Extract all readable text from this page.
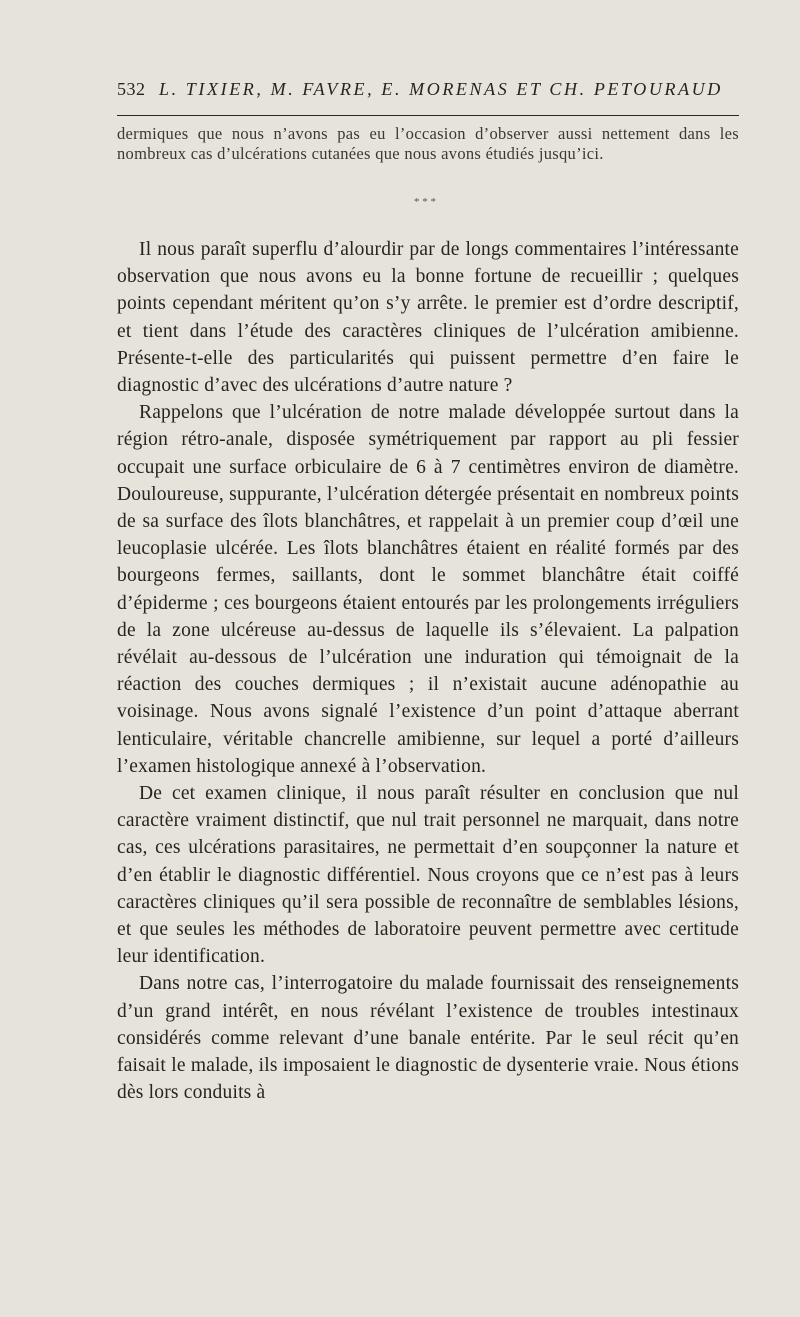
532 L. TIXIER, M. FAVRE, E. MORENAS ET CH. PETOURAUD

dermiques que nous n’avons pas eu l’occasion d’observer aussi nettement dans les nombreux cas d’ulcérations cutanées que nous avons étudiés jusqu’ici.

* * *

Il nous paraît superflu d’alourdir par de longs commentaires l’intéressante observation que nous avons eu la bonne fortune de recueillir ; quelques points cependant méritent qu’on s’y arrête. le premier est d’ordre descriptif, et tient dans l’étude des caractères cliniques de l’ulcération amibienne. Présente-t-elle des particularités qui puissent permettre d’en faire le diagnostic d’avec des ulcérations d’autre nature ?

Rappelons que l’ulcération de notre malade développée surtout dans la région rétro-anale, disposée symétriquement par rapport au pli fessier occupait une surface orbiculaire de 6 à 7 centimètres environ de diamètre. Douloureuse, suppurante, l’ulcération détergée présentait en nombreux points de sa surface des îlots blanchâtres, et rappelait à un premier coup d’œil une leucoplasie ulcérée. Les îlots blanchâtres étaient en réalité formés par des bourgeons fermes, saillants, dont le sommet blanchâtre était coiffé d’épiderme ; ces bourgeons étaient entourés par les prolongements irréguliers de la zone ulcéreuse au-dessus de laquelle ils s’élevaient. La palpation révélait au-dessous de l’ulcération une induration qui témoignait de la réaction des couches dermiques ; il n’existait aucune adénopathie au voisinage. Nous avons signalé l’existence d’un point d’attaque aberrant lenticulaire, véritable chancrelle amibienne, sur lequel a porté d’ailleurs l’examen histologique annexé à l’observation.

De cet examen clinique, il nous paraît résulter en conclusion que nul caractère vraiment distinctif, que nul trait personnel ne marquait, dans notre cas, ces ulcérations parasitaires, ne permettait d’en soupçonner la nature et d’en établir le diagnostic différentiel. Nous croyons que ce n’est pas à leurs caractères cliniques qu’il sera possible de reconnaître de semblables lésions, et que seules les méthodes de laboratoire peuvent permettre avec certitude leur identification.

Dans notre cas, l’interrogatoire du malade fournissait des renseignements d’un grand intérêt, en nous révélant l’existence de troubles intestinaux considérés comme relevant d’une banale entérite. Par le seul récit qu’en faisait le malade, ils imposaient le diagnostic de dysenterie vraie. Nous étions dès lors conduits à
